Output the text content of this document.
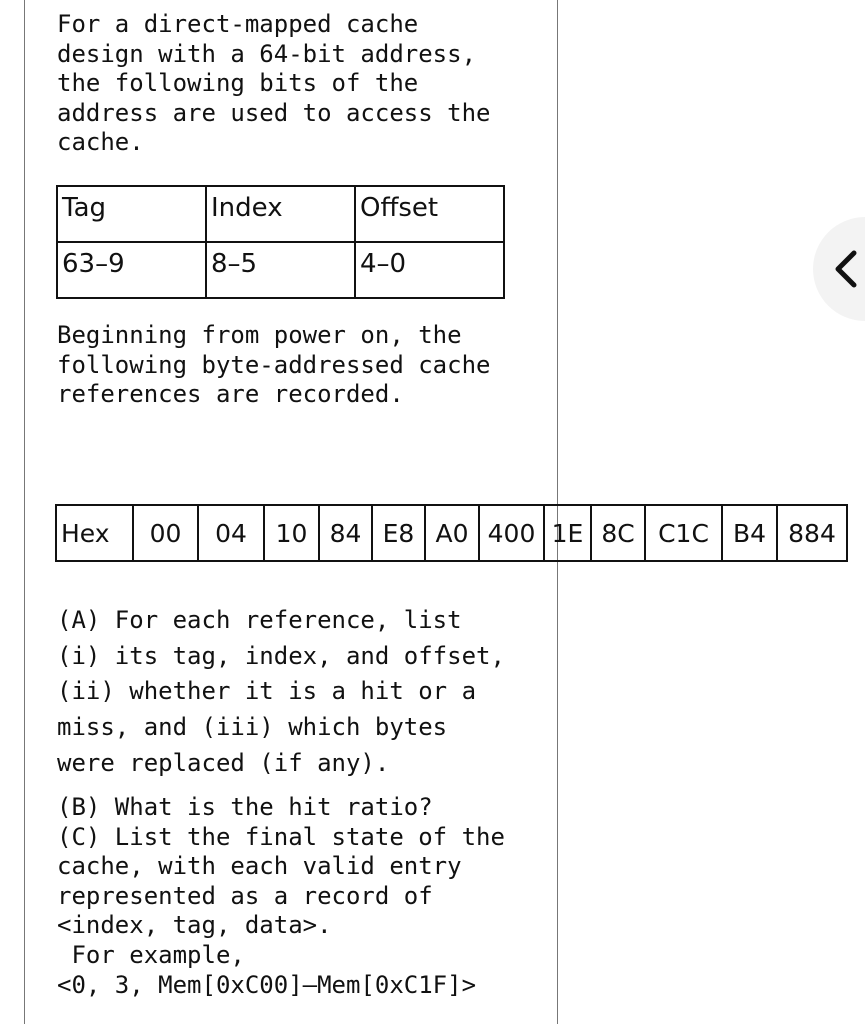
For a direct-mapped cache
design with a 64-bit address,
the following bits of the
address are used to access the
cache.
Tag	Index	Offset
63–9	8–5	4–0
Beginning from power on, the
following byte-addressed cache
references are recorded.
Hex	00	04	10	84	E8	A0	400	1E	8C	C1C	B4	884
(A) For each reference, list
(i) its tag, index, and offset,
(ii) whether it is a hit or a
miss, and (iii) which bytes
were replaced (if any).
(B) What is the hit ratio?
(C) List the final state of the
cache, with each valid entry
represented as a record of
<index, tag, data>.
For example,
<0, 3, Mem[0xC00]–Mem[0xC1F]>
